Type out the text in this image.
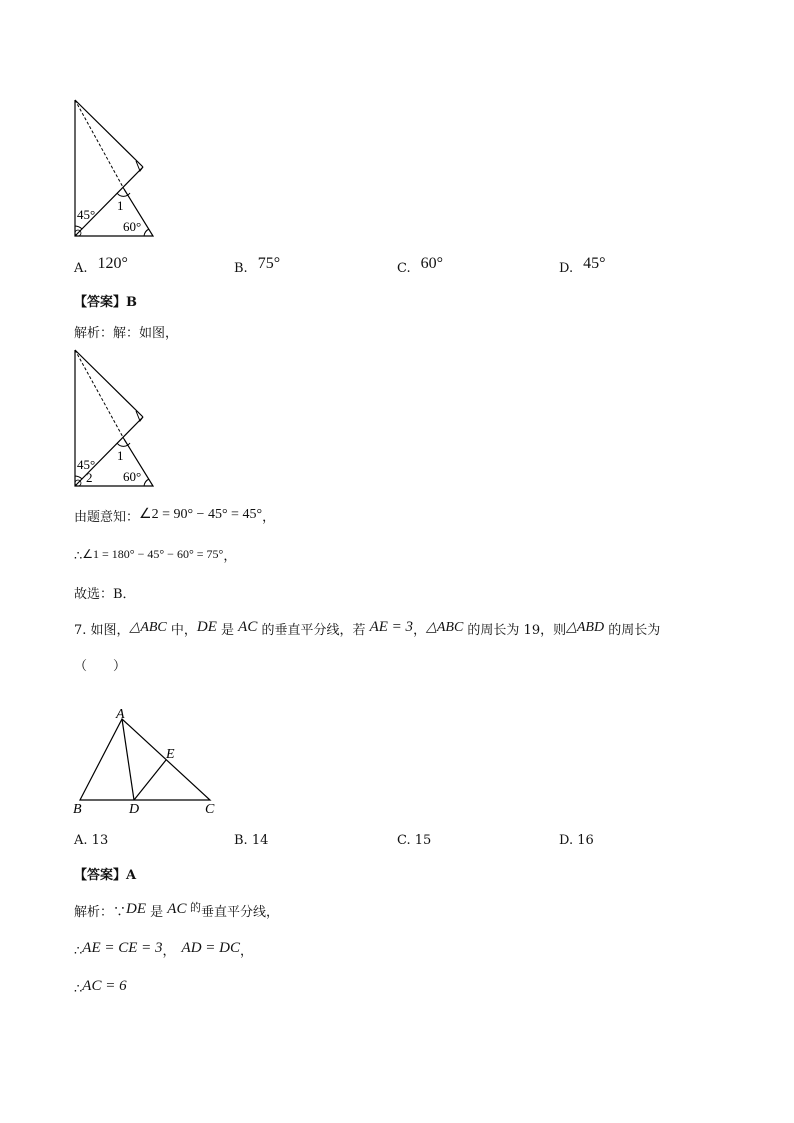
45°
1
60°
A. 120°	B. 75°	C. 60°	D. 45°
【答案】B
解析：解：如图，
45°
1
2 60°
由题意知：∠2 = 90° − 45° = 45°，
∴∠1 = 180° − 45° − 60° = 75°，
故选：B．
7. 如图，△ABC 中，DE 是 AC 的垂直平分线，若 AE = 3，△ABC 的周长为 19，则△ABD 的周长为
（　　）
A
E
B	D	C
A. 13	B. 14	C. 15	D. 16
【答案】A
解析：∵DE 是 AC $^的$垂直平分线，
∴AE = CE = 3， AD = DC，
∴AC = 6
